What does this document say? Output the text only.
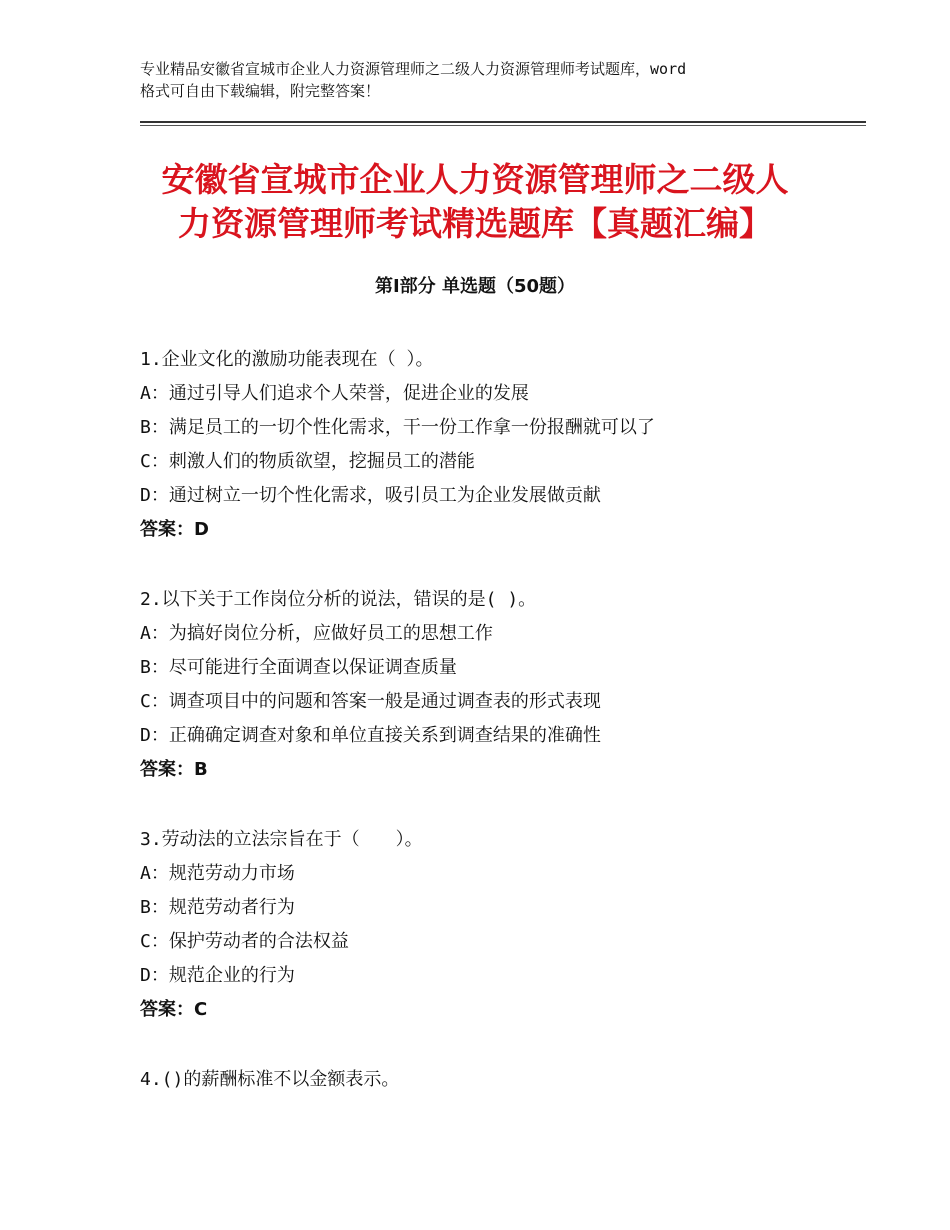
专业精品安徽省宣城市企业人力资源管理师之二级人力资源管理师考试题库，word
格式可自由下载编辑，附完整答案！
安徽省宣城市企业人力资源管理师之二级人
力资源管理师考试精选题库【真题汇编】
第Ⅰ部分 单选题（50题）
1.企业文化的激励功能表现在（ ）。
A：通过引导人们追求个人荣誉，促进企业的发展
B：满足员工的一切个性化需求，干一份工作拿一份报酬就可以了
C：刺激人们的物质欲望，挖掘员工的潜能
D：通过树立一切个性化需求，吸引员工为企业发展做贡献
答案：D
2.以下关于工作岗位分析的说法，错误的是( )。
A：为搞好岗位分析，应做好员工的思想工作
B：尽可能进行全面调查以保证调查质量
C：调查项目中的问题和答案一般是通过调查表的形式表现
D：正确确定调查对象和单位直接关系到调查结果的准确性
答案：B
3.劳动法的立法宗旨在于（　　）。
A：规范劳动力市场
B：规范劳动者行为
C：保护劳动者的合法权益
D：规范企业的行为
答案：C
4.()的薪酬标准不以金额表示。
